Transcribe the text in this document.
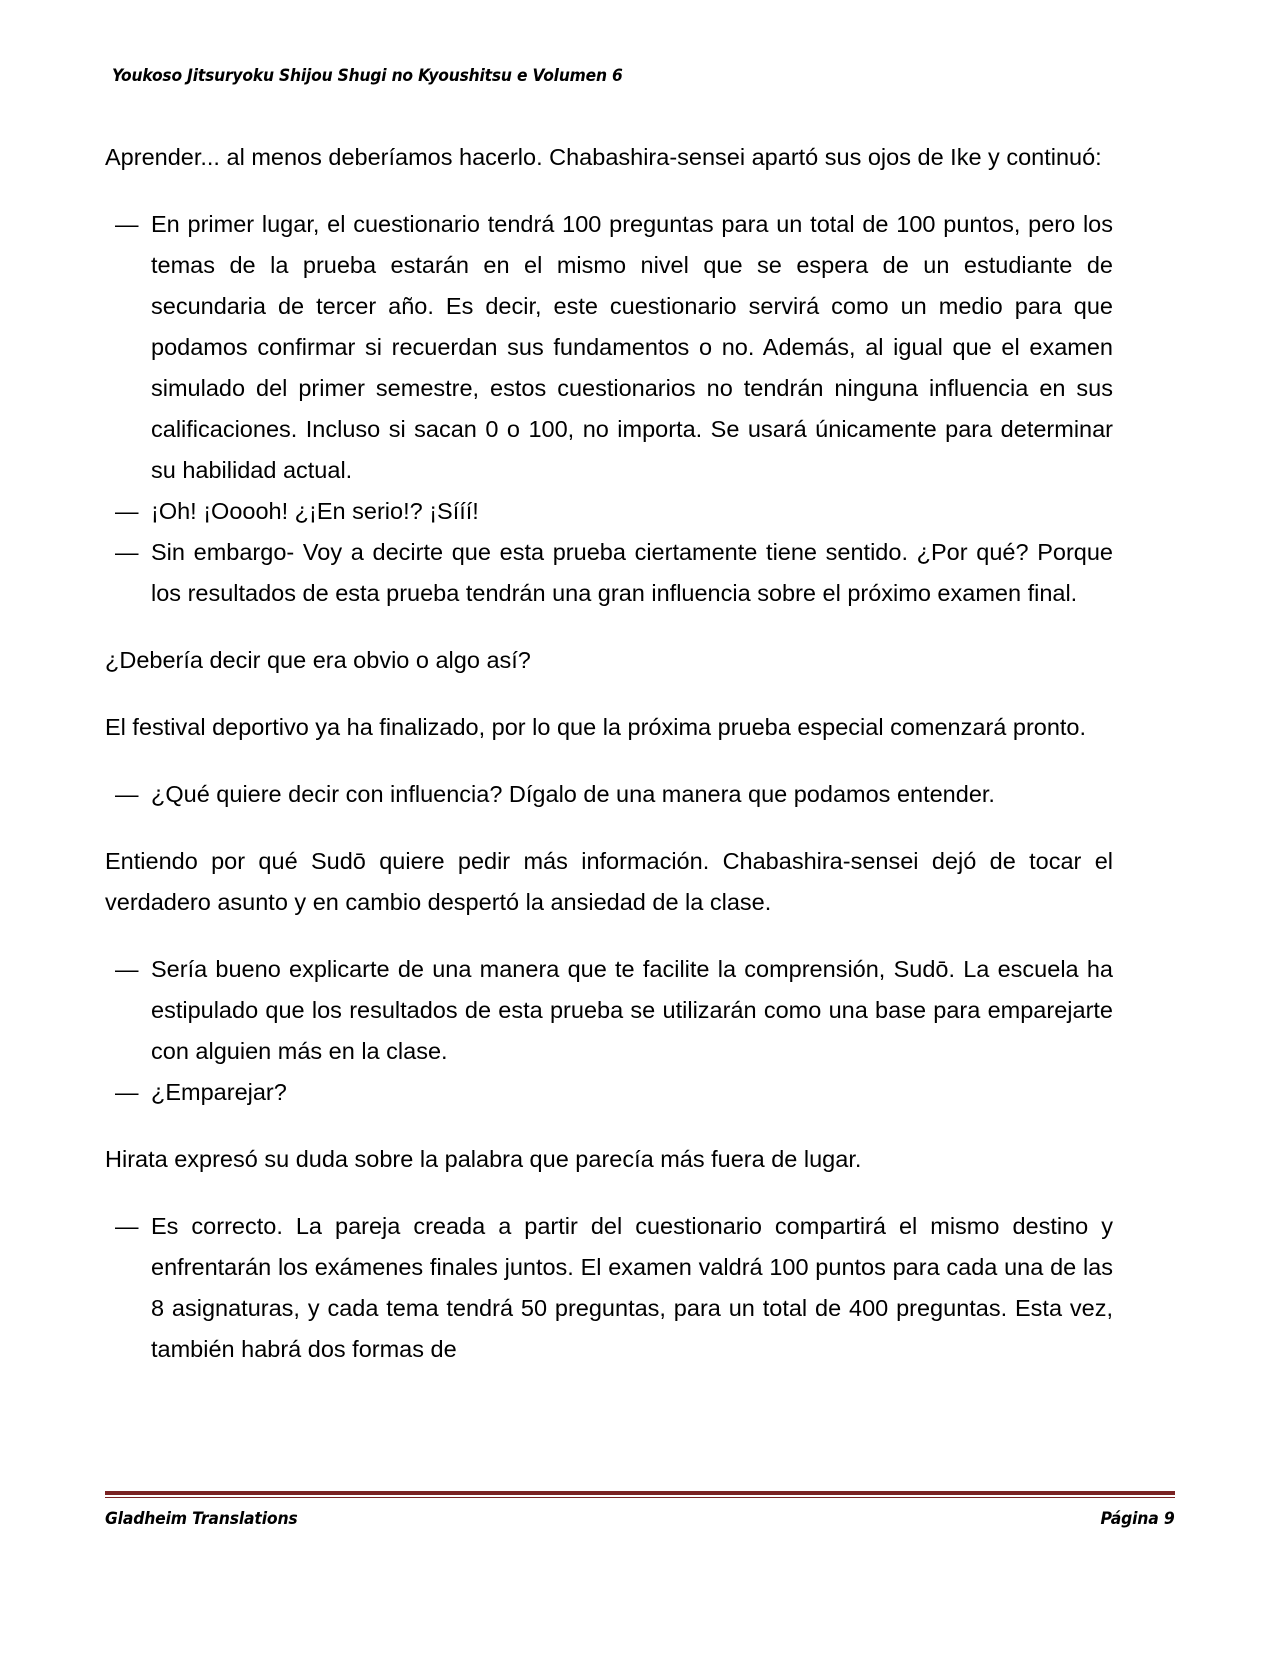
Youkoso Jitsuryoku Shijou Shugi no Kyoushitsu e Volumen 6

Aprender... al menos deberíamos hacerlo. Chabashira-sensei apartó sus ojos de Ike y continuó:

— En primer lugar, el cuestionario tendrá 100 preguntas para un total de 100 puntos, pero los temas de la prueba estarán en el mismo nivel que se espera de un estudiante de secundaria de tercer año. Es decir, este cuestionario servirá como un medio para que podamos confirmar si recuerdan sus fundamentos o no. Además, al igual que el examen simulado del primer semestre, estos cuestionarios no tendrán ninguna influencia en sus calificaciones. Incluso si sacan 0 o 100, no importa. Se usará únicamente para determinar su habilidad actual.
— ¡Oh! ¡Ooooh! ¿¡En serio!? ¡Sííí!
— Sin embargo- Voy a decirte que esta prueba ciertamente tiene sentido. ¿Por qué? Porque los resultados de esta prueba tendrán una gran influencia sobre el próximo examen final.

¿Debería decir que era obvio o algo así?

El festival deportivo ya ha finalizado, por lo que la próxima prueba especial comenzará pronto.

— ¿Qué quiere decir con influencia? Dígalo de una manera que podamos entender.

Entiendo por qué Sudō quiere pedir más información. Chabashira-sensei dejó de tocar el verdadero asunto y en cambio despertó la ansiedad de la clase.

— Sería bueno explicarte de una manera que te facilite la comprensión, Sudō. La escuela ha estipulado que los resultados de esta prueba se utilizarán como una base para emparejarte con alguien más en la clase.
— ¿Emparejar?

Hirata expresó su duda sobre la palabra que parecía más fuera de lugar.

— Es correcto. La pareja creada a partir del cuestionario compartirá el mismo destino y enfrentarán los exámenes finales juntos. El examen valdrá 100 puntos para cada una de las 8 asignaturas, y cada tema tendrá 50 preguntas, para un total de 400 preguntas. Esta vez, también habrá dos formas de
Gladheim Translations	Página 9
